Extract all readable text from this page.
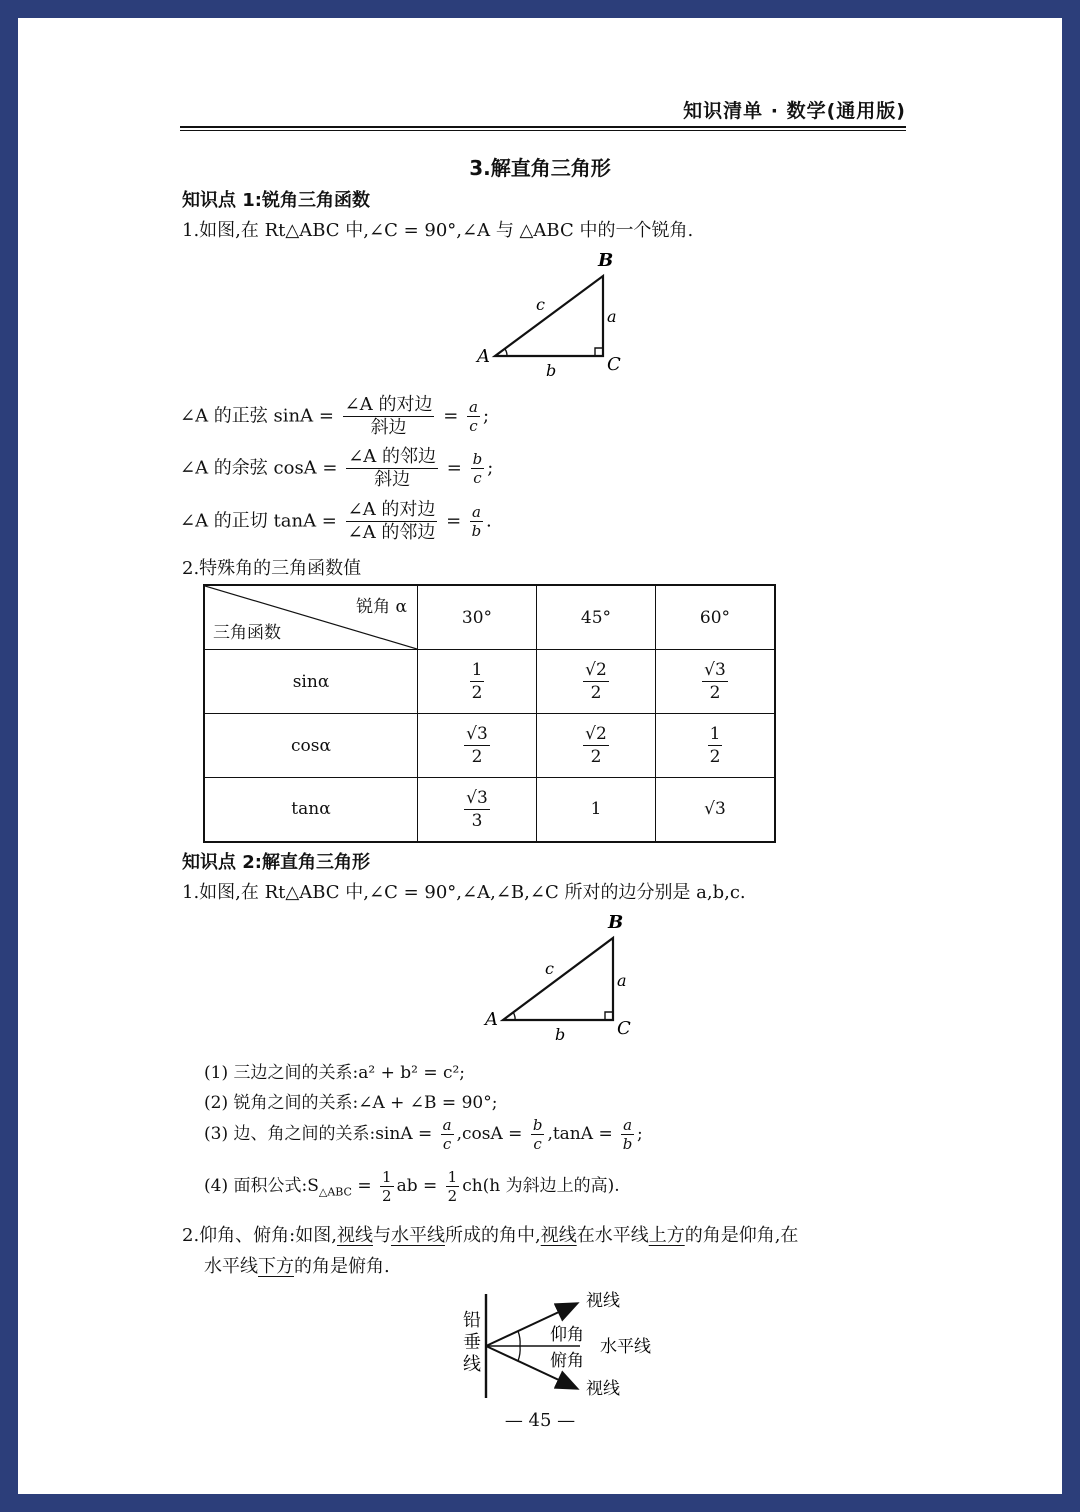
知识清单 · 数学(通用版)
3.解直角三角形
知识点 1:锐角三角函数
1.如图,在 Rt△ABC 中,∠C = 90°,∠A 与 △ABC 中的一个锐角.
A
B
C
a
b
c
∠A 的正弦 $\sin A = \frac{\text{∠A 的对边}}{\text{斜边}} = \frac{a}{c}$ ;
∠A 的余弦 $\cos A = \frac{\text{∠A 的邻边}}{\text{斜边}} = \frac{b}{c}$ ;
∠A 的正切 $\tan A = \frac{\text{∠A 的对边}}{\text{∠A 的邻边}} = \frac{a}{b}$ .
2.特殊角的三角函数值
锐角 α
三角函数	30°	45°	60°
sinα	$\frac{1}{2}$	$\frac{√2}{2}$	$\frac{√3}{2}$

cosα	$\frac{√3}{2}$	$\frac{√2}{2}$	$\frac{1}{2}$

tanα	$\frac{√3}{3}$	1	√3
知识点 2:解直角三角形
1.如图,在 Rt△ABC 中,∠C = 90°,∠A,∠B,∠C 所对的边分别是 a,b,c.
A
B
C
a
b
c
(1) 三边之间的关系:a² + b² = c²;
(2) 锐角之间的关系:∠A + ∠B = 90°;
(3) 边、角之间的关系:sinA = $\frac{a}{c} ,\cos A = \frac{b}{c} ,\tan A = \frac{a}{b}$ ;
(4) 面积公式$:S_{\triangle ABC} = \frac{1}{2}$ ab = $\frac{1}{2} ch(h$ 为斜边上的高).
2.仰角、俯角:如图,视线与水平线所成的角中,视线在水平线上方的角是仰角,在
水平线下方的角是俯角.
铅垂线
视线
水平线
仰角
俯角
视线
— 45 —
